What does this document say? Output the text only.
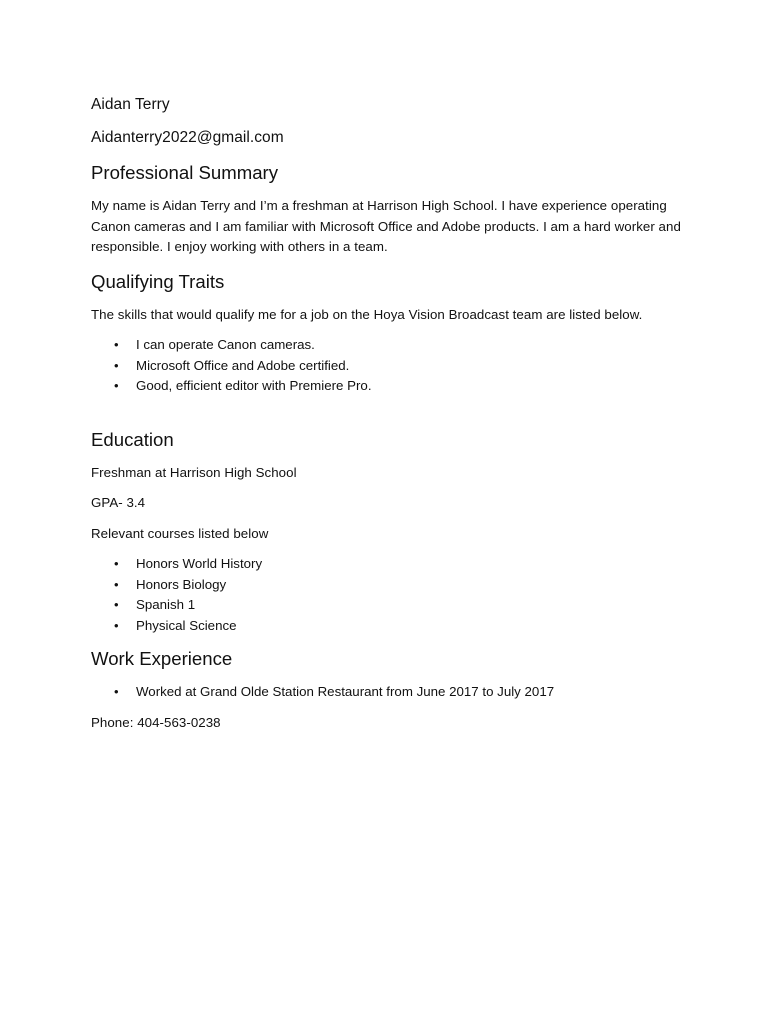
Aidan Terry

Aidanterry2022@gmail.com

Professional Summary

My name is Aidan Terry and I’m a freshman at Harrison High School. I have experience operating Canon cameras and I am familiar with Microsoft Office and Adobe products. I am a hard worker and responsible. I enjoy working with others in a team.

Qualifying Traits

The skills that would qualify me for a job on the Hoya Vision Broadcast team are listed below.

• I can operate Canon cameras.
• Microsoft Office and Adobe certified.
• Good, efficient editor with Premiere Pro.
Education

Freshman at Harrison High School

GPA- 3.4

Relevant courses listed below

• Honors World History
• Honors Biology
• Spanish 1
• Physical Science
Work Experience
• Worked at Grand Olde Station Restaurant from June 2017 to July 2017

Phone: 404-563-0238
